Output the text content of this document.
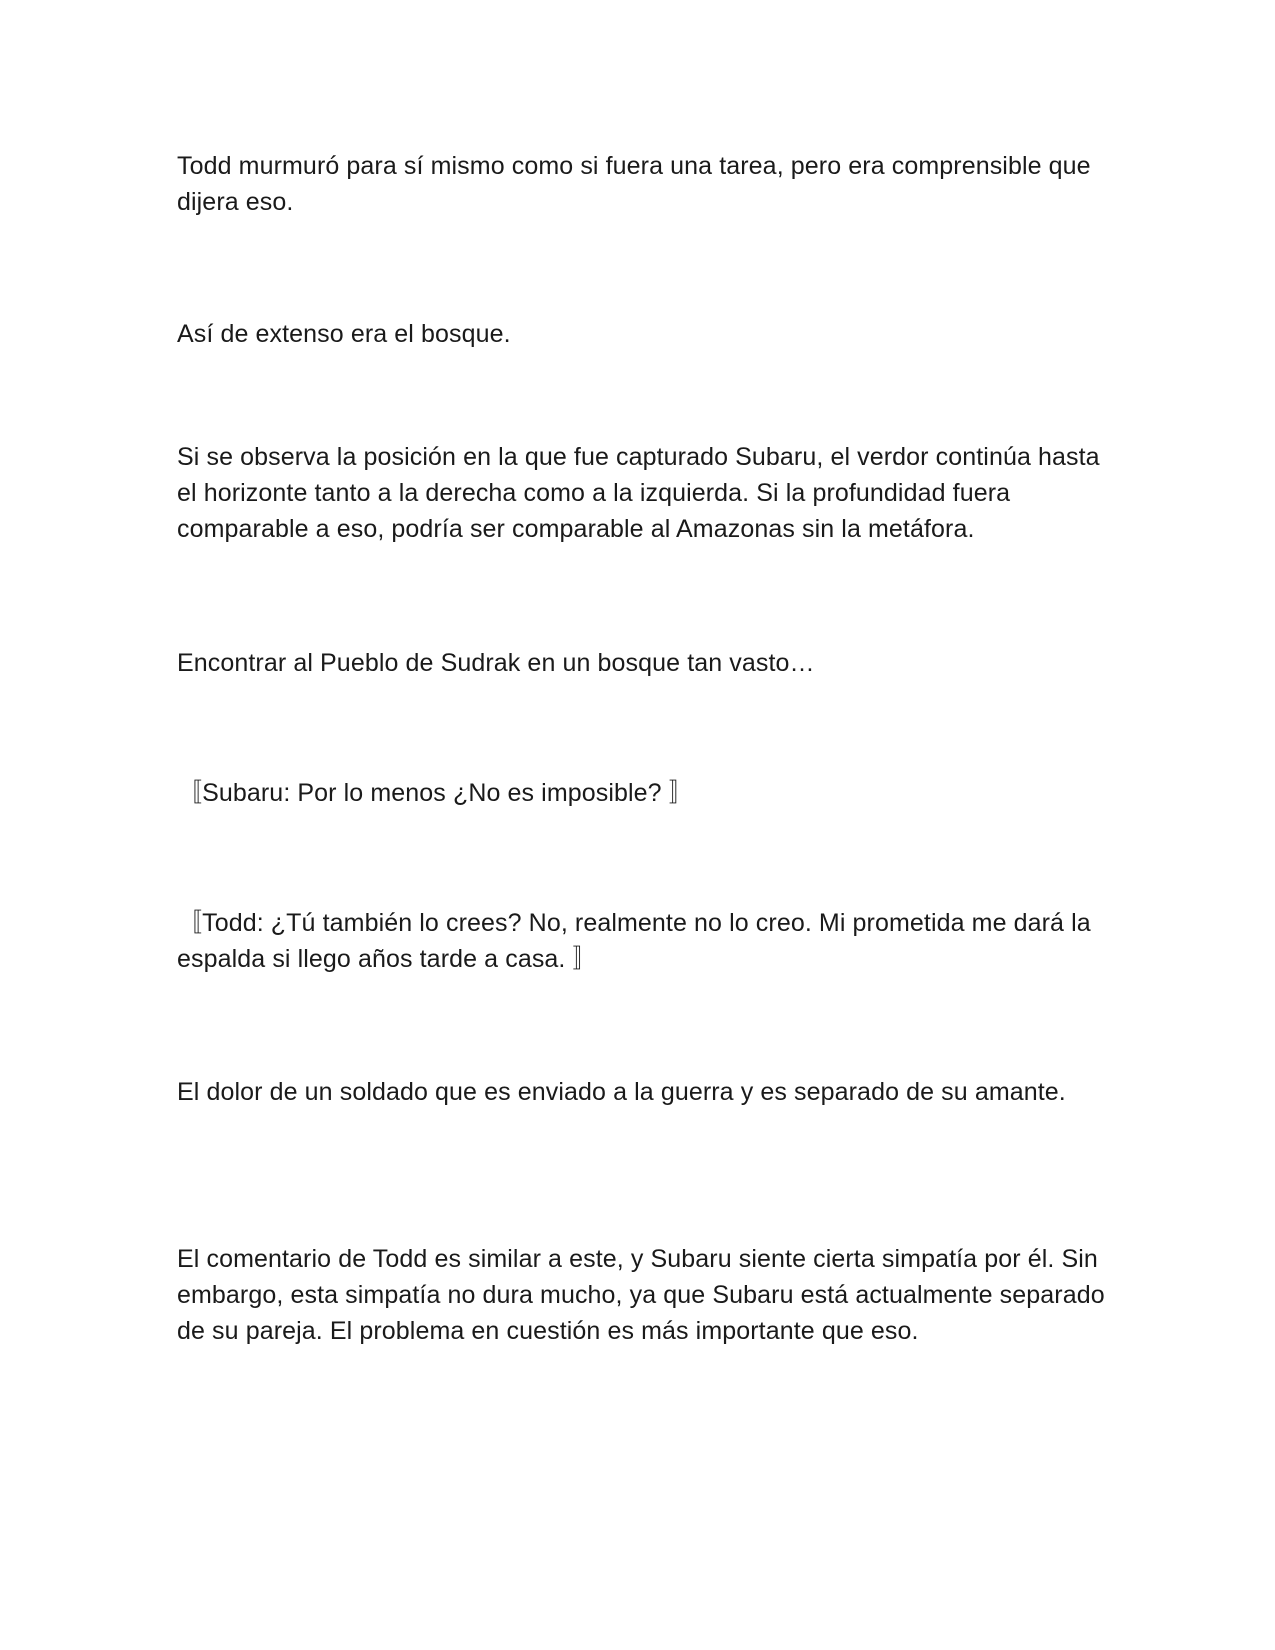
Todd murmuró para sí mismo como si fuera una tarea, pero era comprensible que dijera eso.

Así de extenso era el bosque.

Si se observa la posición en la que fue capturado Subaru, el verdor continúa hasta el horizonte tanto a la derecha como a la izquierda. Si la profundidad fuera comparable a eso, podría ser comparable al Amazonas sin la metáfora.

Encontrar al Pueblo de Sudrak en un bosque tan vasto…

〚Subaru: Por lo menos ¿No es imposible? 〛

〚Todd: ¿Tú también lo crees? No, realmente no lo creo. Mi prometida me dará la espalda si llego años tarde a casa. 〛

El dolor de un soldado que es enviado a la guerra y es separado de su amante.

El comentario de Todd es similar a este, y Subaru siente cierta simpatía por él. Sin embargo, esta simpatía no dura mucho, ya que Subaru está actualmente separado de su pareja. El problema en cuestión es más importante que eso.
